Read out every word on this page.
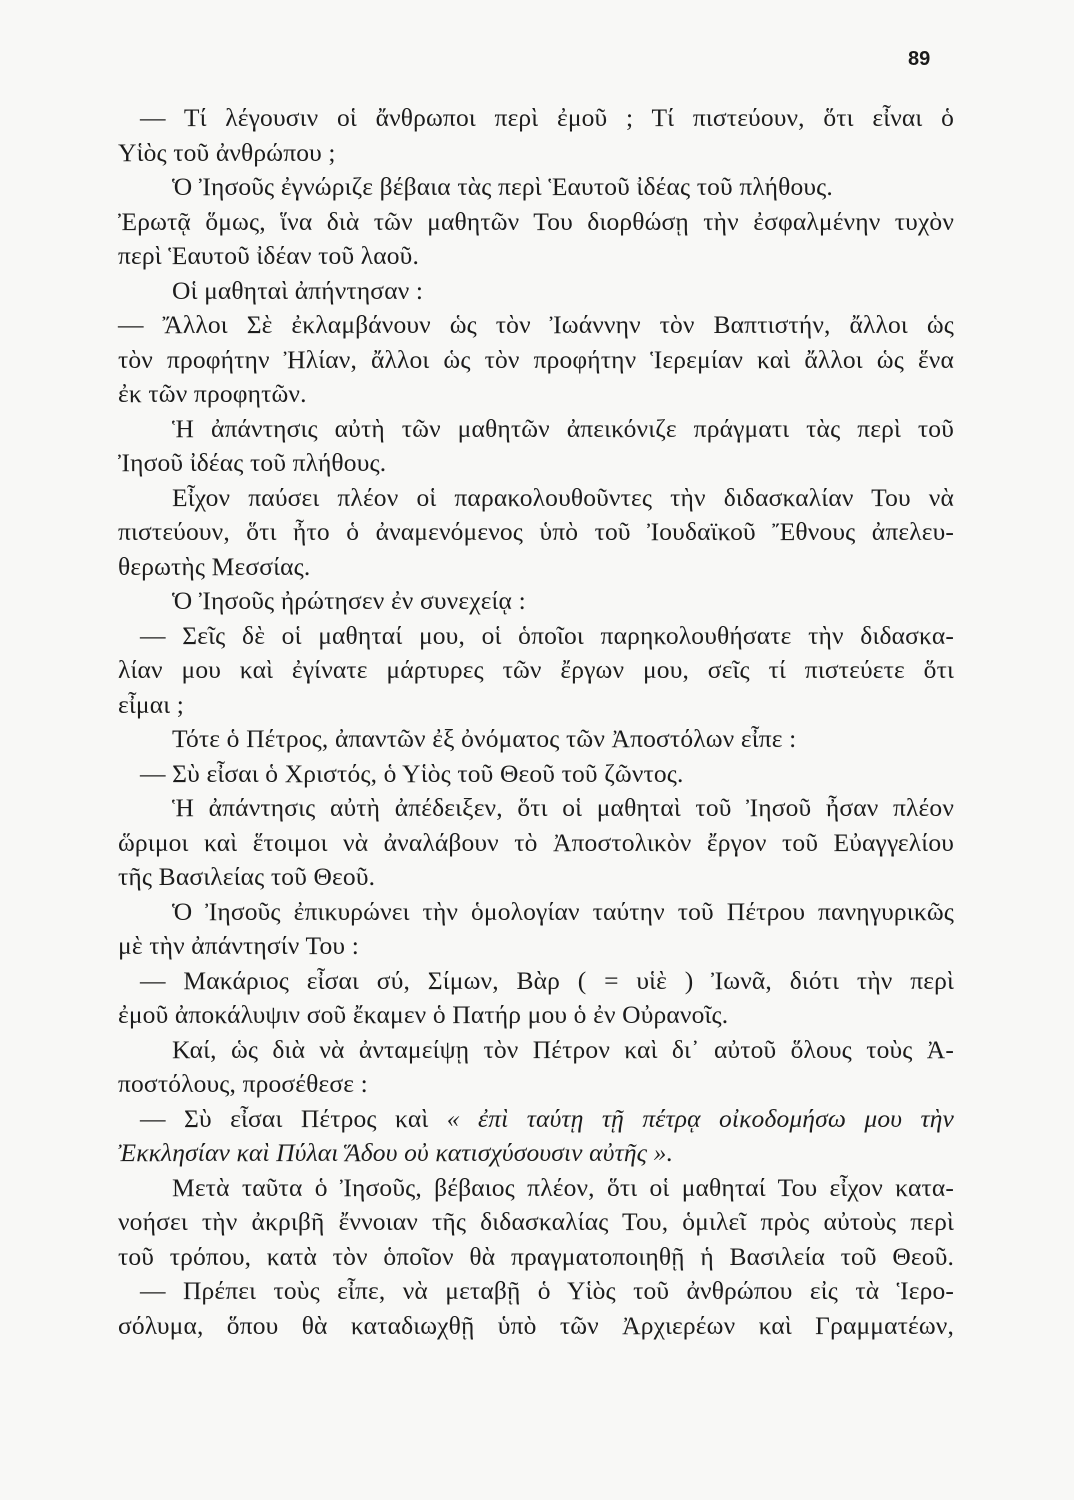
89
— Τί λέγουσιν οἱ ἄνθρωποι περὶ ἐμοῦ ; Τί πιστεύουν, ὅτι εἶναι ὁ
Υἱὸς τοῦ ἀνθρώπου ;
Ὁ Ἰησοῦς ἐγνώριζε βέβαια τὰς περὶ Ἑαυτοῦ ἰδέας τοῦ πλήθους.
Ἐρωτᾷ ὅμως, ἵνα διὰ τῶν μαθητῶν Του διορθώσῃ τὴν ἐσφαλμένην τυχὸν
περὶ Ἑαυτοῦ ἰδέαν τοῦ λαοῦ.
Οἱ μαθηταὶ ἀπήντησαν :
— Ἄλλοι Σὲ ἐκλαμβάνουν ὡς τὸν Ἰωάννην τὸν Βαπτιστήν, ἄλλοι ὡς
τὸν προφήτην Ἠλίαν, ἄλλοι ὡς τὸν προφήτην Ἱερεμίαν καὶ ἄλλοι ὡς ἕνα
ἐκ τῶν προφητῶν.
Ἡ ἀπάντησις αὐτὴ τῶν μαθητῶν ἀπεικόνιζε πράγματι τὰς περὶ τοῦ
Ἰησοῦ ἰδέας τοῦ πλήθους.
Εἶχον παύσει πλέον οἱ παρακολουθοῦντες τὴν διδασκαλίαν Του νὰ
πιστεύουν, ὅτι ἦτο ὁ ἀναμενόμενος ὑπὸ τοῦ Ἰουδαϊκοῦ Ἔθνους ἀπελευ-
θερωτὴς Μεσσίας.
Ὁ Ἰησοῦς ἠρώτησεν ἐν συνεχείᾳ :
— Σεῖς δὲ οἱ μαθηταί μου, οἱ ὁποῖοι παρηκολουθήσατε τὴν διδασκα-
λίαν μου καὶ ἐγίνατε μάρτυρες τῶν ἔργων μου, σεῖς τί πιστεύετε ὅτι
εἶμαι ;
Τότε ὁ Πέτρος, ἀπαντῶν ἐξ ὀνόματος τῶν Ἀποστόλων εἶπε :
— Σὺ εἶσαι ὁ Χριστός, ὁ Υἱὸς τοῦ Θεοῦ τοῦ ζῶντος.
Ἡ ἀπάντησις αὐτὴ ἀπέδειξεν, ὅτι οἱ μαθηταὶ τοῦ Ἰησοῦ ἦσαν πλέον
ὥριμοι καὶ ἕτοιμοι νὰ ἀναλάβουν τὸ Ἀποστολικὸν ἔργον τοῦ Εὐαγγελίου
τῆς Βασιλείας τοῦ Θεοῦ.
Ὁ Ἰησοῦς ἐπικυρώνει τὴν ὁμολογίαν ταύτην τοῦ Πέτρου πανηγυρικῶς
μὲ τὴν ἀπάντησίν Του :
— Μακάριος εἶσαι σύ, Σίμων, Βὰρ ( = υἱὲ ) Ἰωνᾶ, διότι τὴν περὶ
ἐμοῦ ἀποκάλυψιν σοῦ ἔκαμεν ὁ Πατήρ μου ὁ ἐν Οὐρανοῖς.
Καί, ὡς διὰ νὰ ἀνταμείψῃ τὸν Πέτρον καὶ δι᾽ αὐτοῦ ὅλους τοὺς Ἀ-
ποστόλους, προσέθεσε :
— Σὺ εἶσαι Πέτρος καὶ « ἐπὶ ταύτῃ τῇ πέτρᾳ οἰκοδομήσω μου τὴν
Ἐκκλησίαν καὶ Πύλαι Ἅδου οὐ κατισχύσουσιν αὐτῆς ».
Μετὰ ταῦτα ὁ Ἰησοῦς, βέβαιος πλέον, ὅτι οἱ μαθηταί Του εἶχον κατα-
νοήσει τὴν ἀκριβῆ ἔννοιαν τῆς διδασκαλίας Του, ὁμιλεῖ πρὸς αὐτοὺς περὶ
τοῦ τρόπου, κατὰ τὸν ὁποῖον θὰ πραγματοποιηθῇ ἡ Βασιλεία τοῦ Θεοῦ.
— Πρέπει τοὺς εἶπε, νὰ μεταβῇ ὁ Υἱὸς τοῦ ἀνθρώπου εἰς τὰ Ἱερο-
σόλυμα, ὅπου θὰ καταδιωχθῇ ὑπὸ τῶν Ἀρχιερέων καὶ Γραμματέων,
